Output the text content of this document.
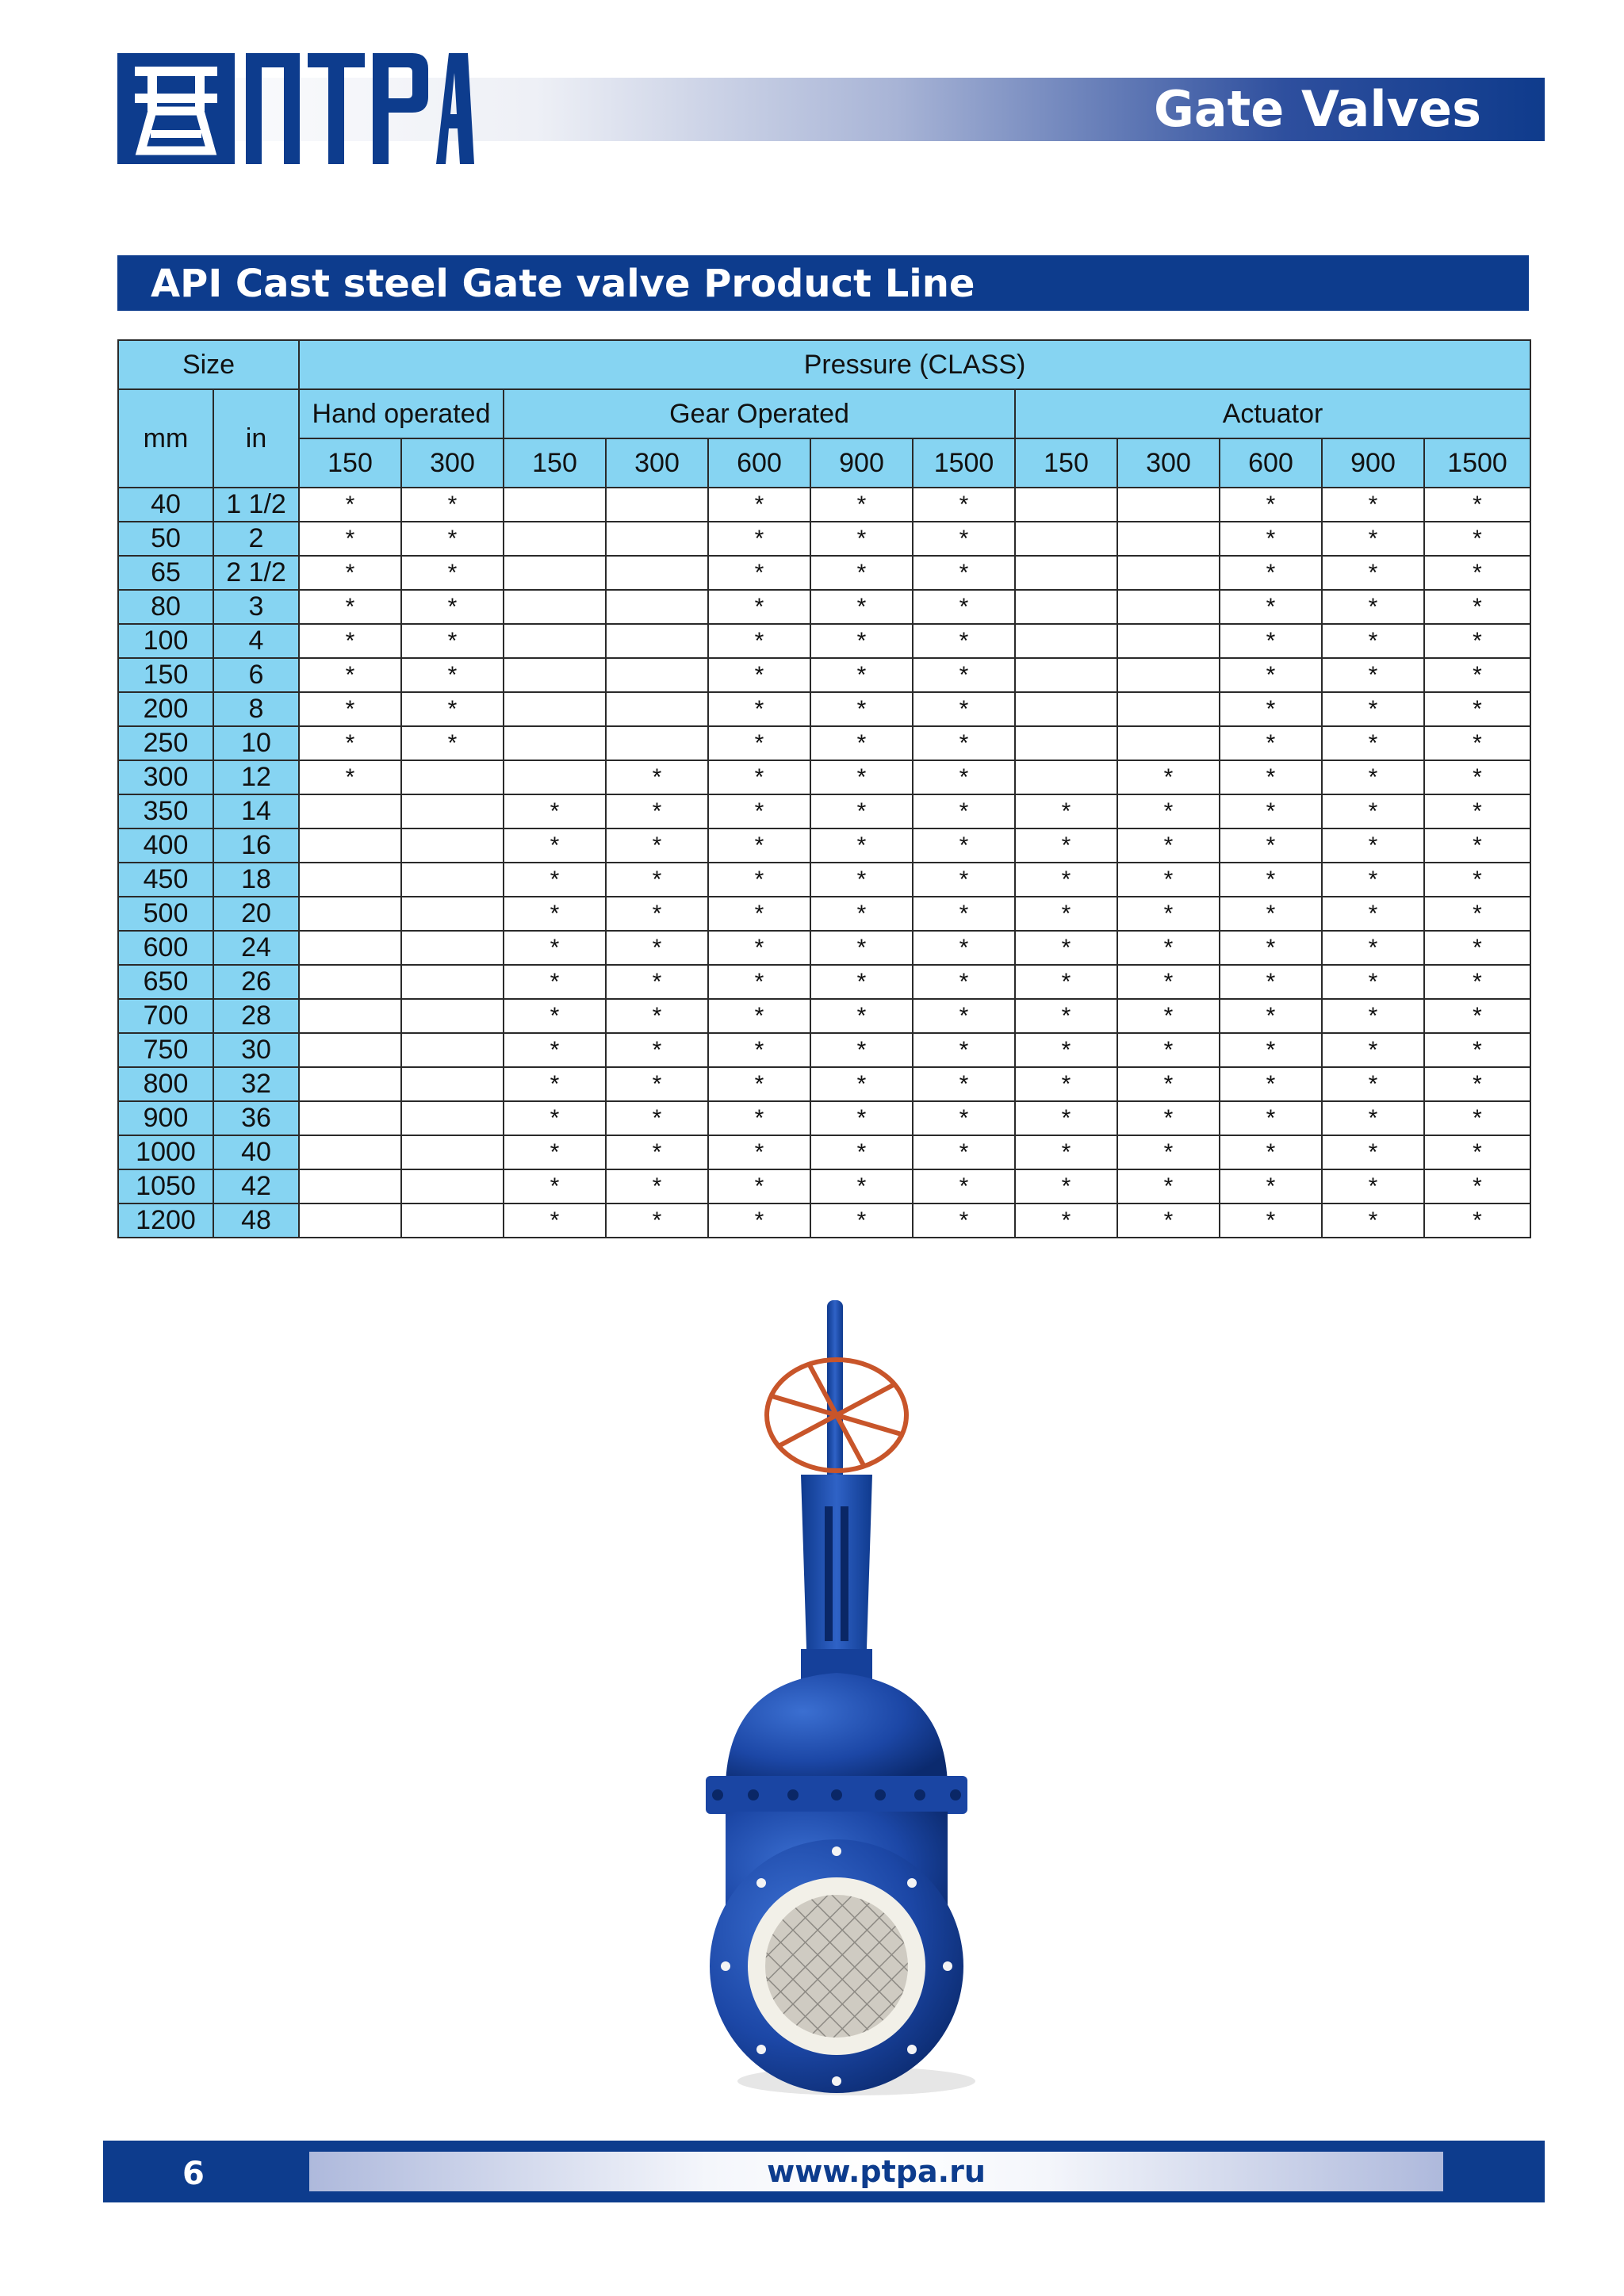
Gate Valves
API Cast steel Gate valve Product Line
Size		Pressure (CLASS)											
mm	in	Hand operated		Gear Operated					Actuator				
		150	300	150	300	600	900	1500	150	300	600	900	1500
40	1 1/2	*	*			*	*	*			*	*	*
50	2	*	*			*	*	*			*	*	*
65	2 1/2	*	*			*	*	*			*	*	*
80	3	*	*			*	*	*			*	*	*
100	4	*	*			*	*	*			*	*	*
150	6	*	*			*	*	*			*	*	*
200	8	*	*			*	*	*			*	*	*
250	10	*	*			*	*	*			*	*	*
300	12	*			*	*	*	*		*	*	*	*
350	14			*	*	*	*	*	*	*	*	*	*
400	16			*	*	*	*	*	*	*	*	*	*
450	18			*	*	*	*	*	*	*	*	*	*
500	20			*	*	*	*	*	*	*	*	*	*
600	24			*	*	*	*	*	*	*	*	*	*
650	26			*	*	*	*	*	*	*	*	*	*
700	28			*	*	*	*	*	*	*	*	*	*
750	30			*	*	*	*	*	*	*	*	*	*
800	32			*	*	*	*	*	*	*	*	*	*
900	36			*	*	*	*	*	*	*	*	*	*
1000	40			*	*	*	*	*	*	*	*	*	*
1050	42			*	*	*	*	*	*	*	*	*	*
1200	48			*	*	*	*	*	*	*	*	*	*
6	www.ptpa.ru
